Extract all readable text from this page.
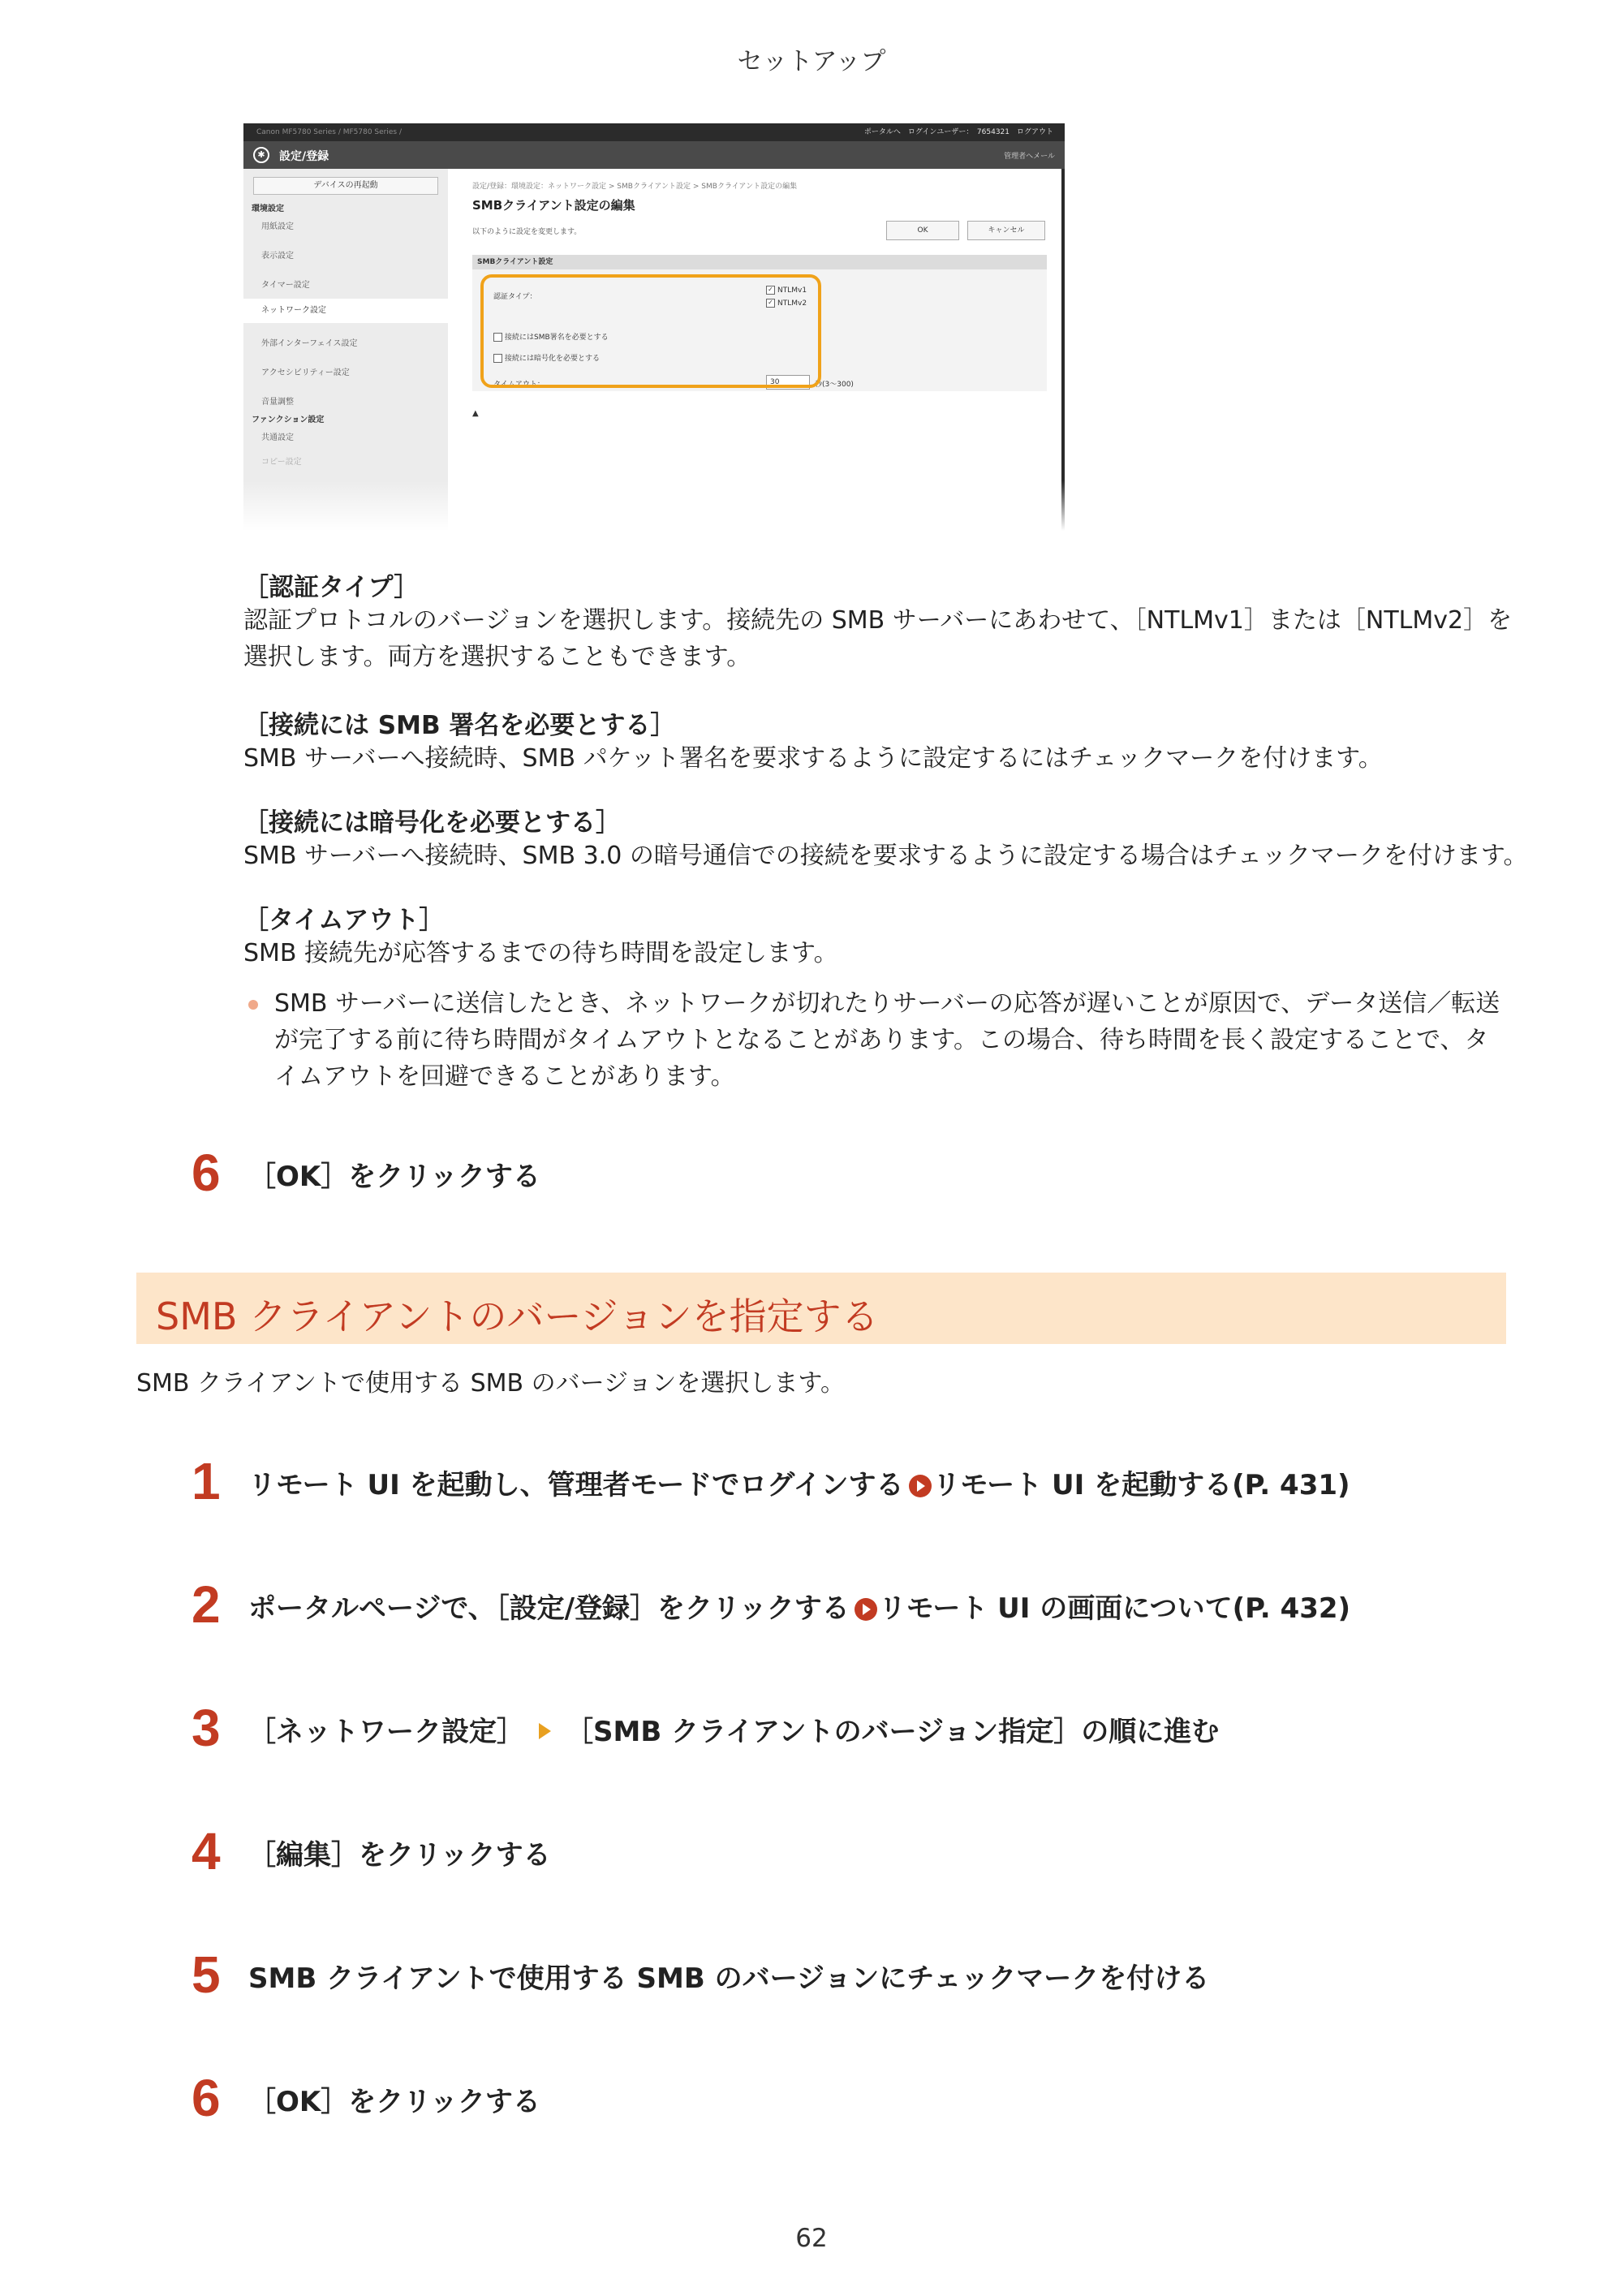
セットアップ
Canon MF5780 Series / MF5780 Series /	ポータルへ　ログインユーザー：　7654321　ログアウト
✱	設定/登録	管理者へメール
デバイスの再起動
環境設定
用紙設定
表示設定
タイマー設定
ネットワーク設定
外部インターフェイス設定
アクセシビリティー設定
音量調整
ファンクション設定
共通設定
コピー設定
設定/登録：環境設定：ネットワーク設定 > SMBクライアント設定 > SMBクライアント設定の編集
SMBクライアント設定の編集
以下のように設定を変更します。	OK	キャンセル
SMBクライアント設定
認証タイプ：
✓ NTLMv1
✓ NTLMv2
接続にはSMB署名を必要とする
接続には暗号化を必要とする
タイムアウト：	30	秒(3～300)
▲
［認証タイプ］
認証プロトコルのバージョンを選択します。接続先の SMB サーバーにあわせて、［NTLMv1］または［NTLMv2］を
選択します。両方を選択することもできます。
［接続には SMB 署名を必要とする］
SMB サーバーへ接続時、SMB パケット署名を要求するように設定するにはチェックマークを付けます。
［接続には暗号化を必要とする］
SMB サーバーへ接続時、SMB 3.0 の暗号通信での接続を要求するように設定する場合はチェックマークを付けます。
［タイムアウト］
SMB 接続先が応答するまでの待ち時間を設定します。
SMB サーバーに送信したとき、ネットワークが切れたりサーバーの応答が遅いことが原因で、データ送信／転送
が完了する前に待ち時間がタイムアウトとなることがあります。この場合、待ち時間を長く設定することで、タ
イムアウトを回避できることがあります。
6 ［OK］をクリックする
SMB クライアントのバージョンを指定する
SMB クライアントで使用する SMB のバージョンを選択します。
1 リモート UI を起動し、管理者モードでログインする リモート UI を起動する(P. 431)
2 ポータルページで、［設定/登録］をクリックする リモート UI の画面について(P. 432)
3 ［ネットワーク設定］ ［SMB クライアントのバージョン指定］の順に進む
4 ［編集］をクリックする
5 SMB クライアントで使用する SMB のバージョンにチェックマークを付ける
6 ［OK］をクリックする
62
